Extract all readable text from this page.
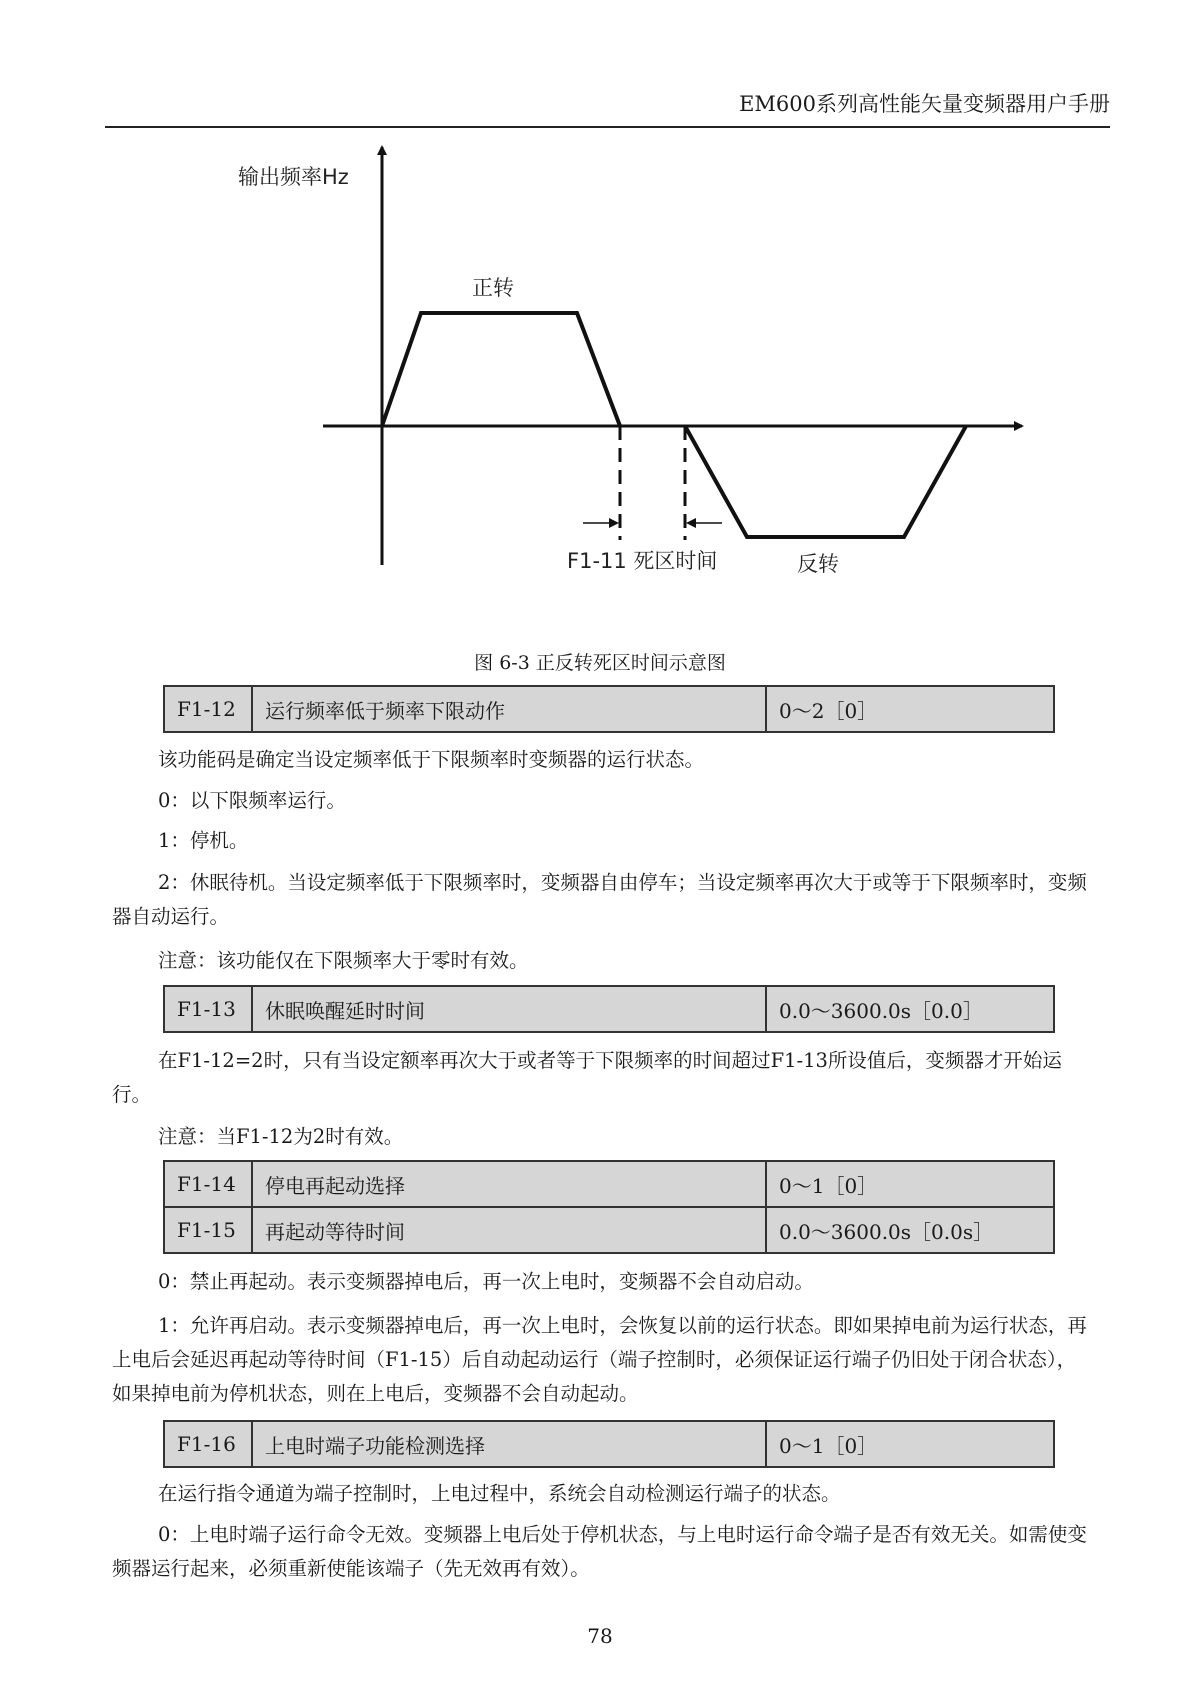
EM600系列高性能矢量变频器用户手册
输出频率Hz
正转
F1-11 死区时间	反转
图 6-3 正反转死区时间示意图
F1-12	运行频率低于频率下限动作	0～2［0］

该功能码是确定当设定频率低于下限频率时变频器的运行状态。

0：以下限频率运行。

1：停机。

2：休眠待机。当设定频率低于下限频率时，变频器自由停车；当设定频率再次大于或等于下限频率时，变频器自动运行。

注意：该功能仅在下限频率大于零时有效。

F1-13	休眠唤醒延时时间	0.0～3600.0s［0.0］

在F1-12=2时，只有当设定额率再次大于或者等于下限频率的时间超过F1-13所设值后，变频器才开始运行。

注意：当F1-12为2时有效。

F1-14	停电再起动选择	0～1［0］
F1-15	再起动等待时间	0.0～3600.0s［0.0s］

0：禁止再起动。表示变频器掉电后，再一次上电时，变频器不会自动启动。

1：允许再启动。表示变频器掉电后，再一次上电时，会恢复以前的运行状态。即如果掉电前为运行状态，再上电后会延迟再起动等待时间（F1-15）后自动起动运行（端子控制时，必须保证运行端子仍旧处于闭合状态），如果掉电前为停机状态，则在上电后，变频器不会自动起动。

F1-16	上电时端子功能检测选择	0～1［0］

在运行指令通道为端子控制时，上电过程中，系统会自动检测运行端子的状态。

0：上电时端子运行命令无效。变频器上电后处于停机状态，与上电时运行命令端子是否有效无关。如需使变频器运行起来，必须重新使能该端子（先无效再有效）。

78
